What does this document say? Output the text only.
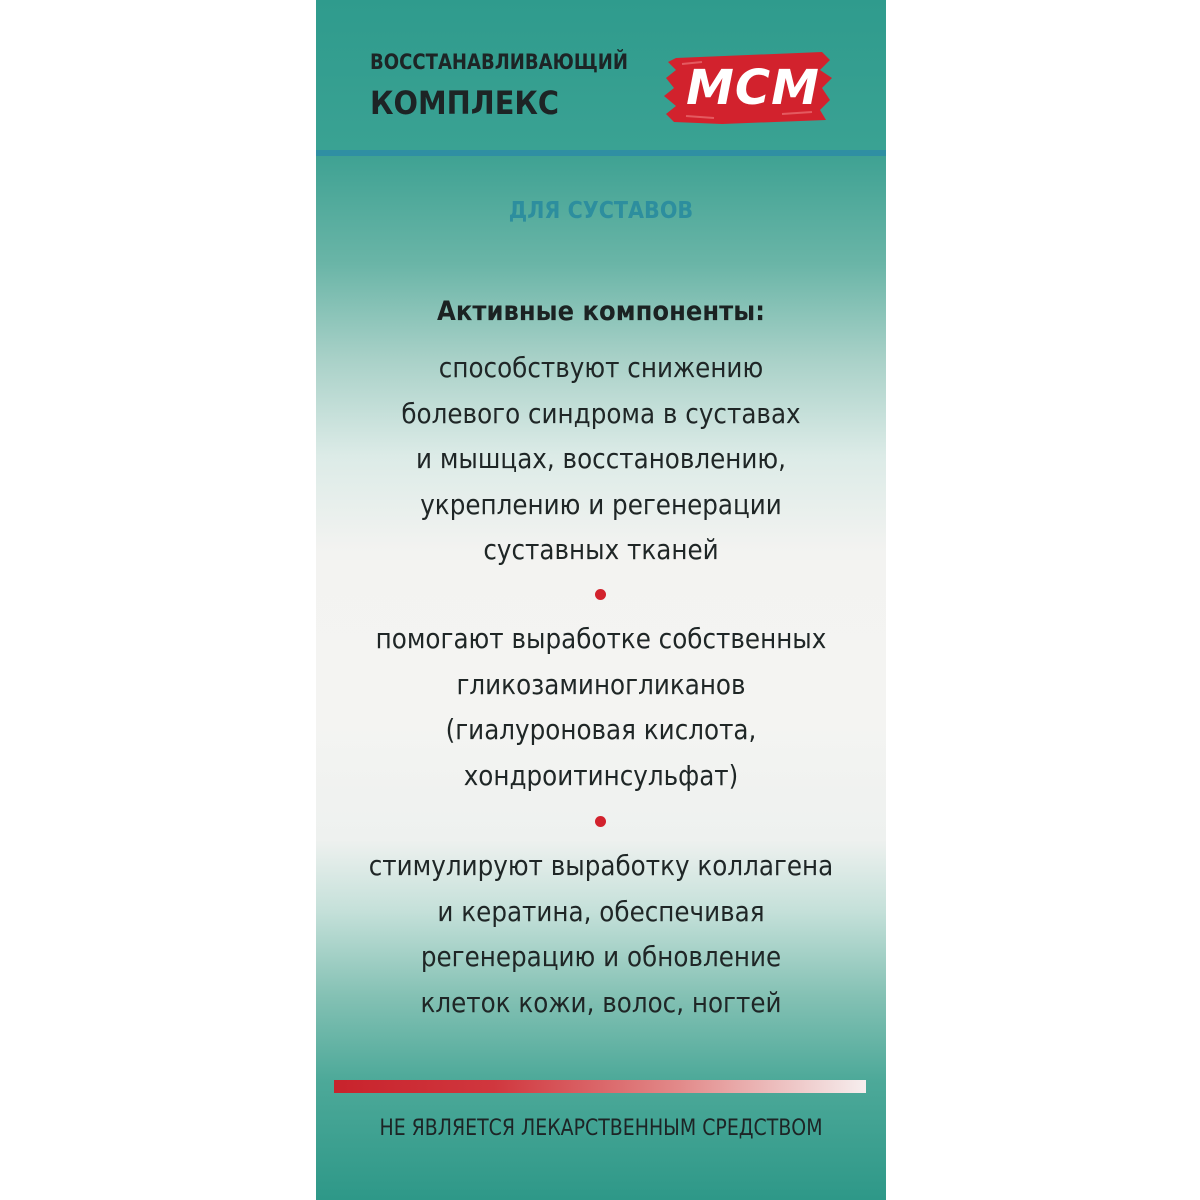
ВОССТАНАВЛИВАЮЩИЙ
КОМПЛЕКС	МСМ
ДЛЯ СУСТАВОВ
Активные компоненты:
способствуют снижению
болевого синдрома в суставах
и мышцах, восстановлению,
укреплению и регенерации
суставных тканей
помогают выработке собственных
гликозаминогликанов
(гиалуроновая кислота,
хондроитинсульфат)
стимулируют выработку коллагена
и кератина, обеспечивая
регенерацию и обновление
клеток кожи, волос, ногтей
НЕ ЯВЛЯЕТСЯ ЛЕКАРСТВЕННЫМ СРЕДСТВОМ
